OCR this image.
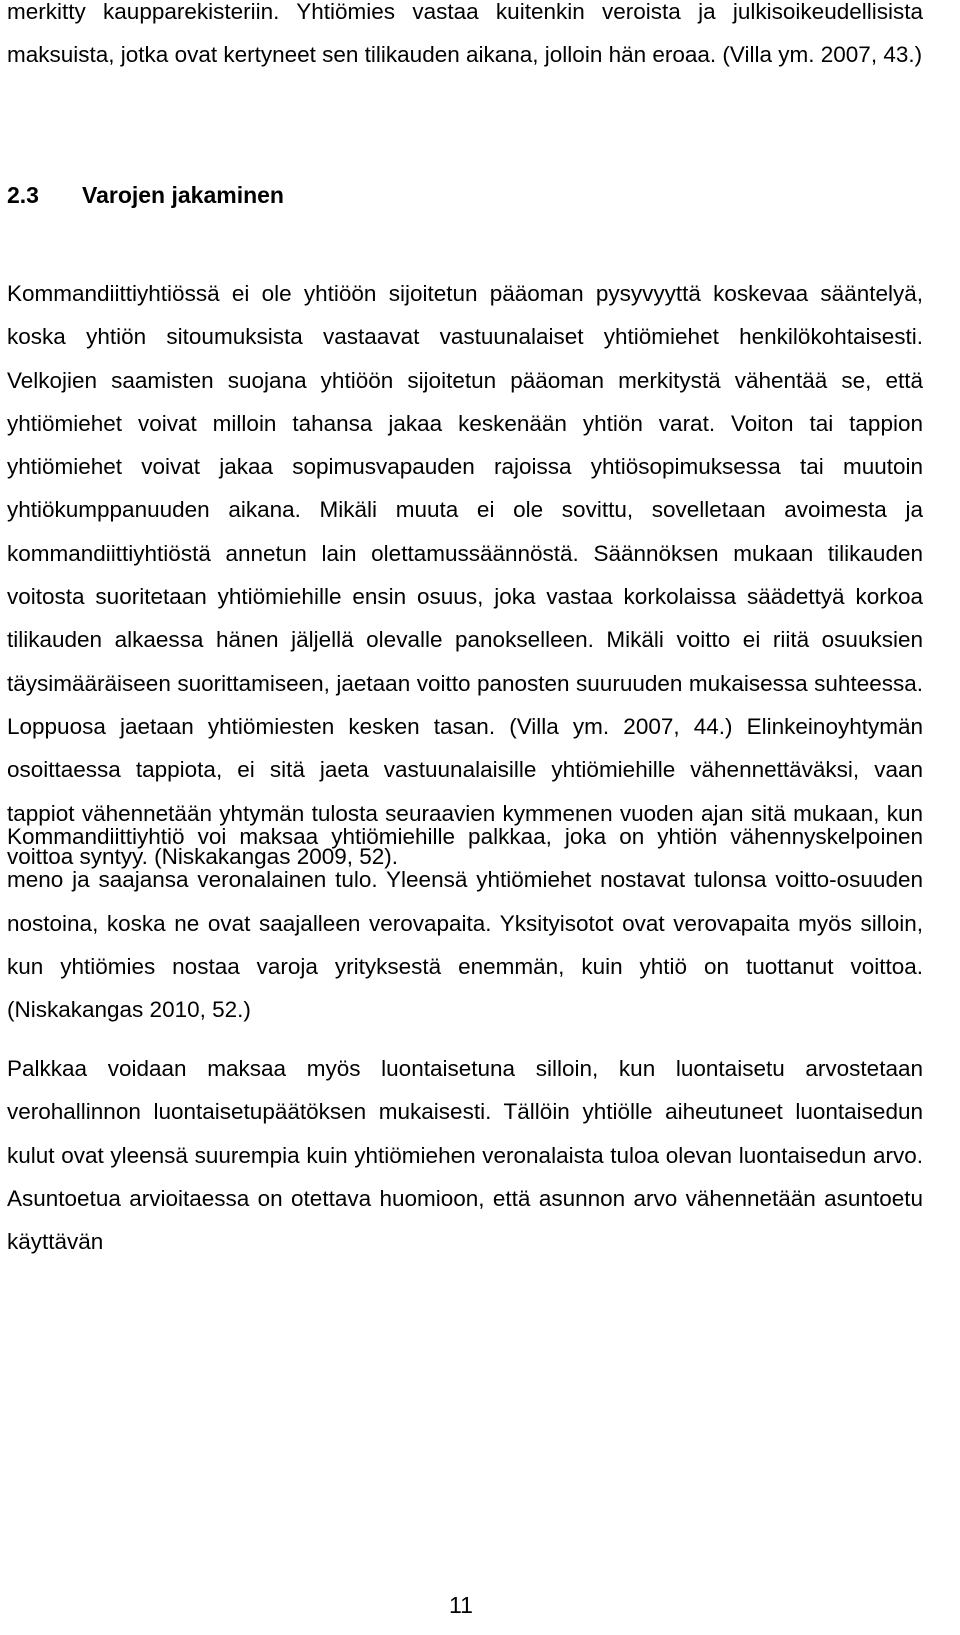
merkitty kaupparekisteriin. Yhtiömies vastaa kuitenkin veroista ja julkisoikeudellisista maksuista, jotka ovat kertyneet sen tilikauden aikana, jolloin hän eroaa. (Villa ym. 2007, 43.)

2.3 Varojen jakaminen

Kommandiittiyhtiössä ei ole yhtiöön sijoitetun pääoman pysyvyyttä koskevaa sääntelyä, koska yhtiön sitoumuksista vastaavat vastuunalaiset yhtiömiehet henkilökohtaisesti. Velkojien saamisten suojana yhtiöön sijoitetun pääoman merkitystä vähentää se, että yhtiömiehet voivat milloin tahansa jakaa keskenään yhtiön varat. Voiton tai tappion yhtiömiehet voivat jakaa sopimusvapauden rajoissa yhtiösopimuksessa tai muutoin yhtiökumppanuuden aikana. Mikäli muuta ei ole sovittu, sovelletaan avoimesta ja kommandiittiyhtiöstä annetun lain olettamussäännöstä. Säännöksen mukaan tilikauden voitosta suoritetaan yhtiömiehille ensin osuus, joka vastaa korkolaissa säädettyä korkoa tilikauden alkaessa hänen jäljellä olevalle panokselleen. Mikäli voitto ei riitä osuuksien täysimääräiseen suorittamiseen, jaetaan voitto panosten suuruuden mukaisessa suhteessa. Loppuosa jaetaan yhtiömiesten kesken tasan. (Villa ym. 2007, 44.) Elinkeinoyhtymän osoittaessa tappiota, ei sitä jaeta vastuunalaisille yhtiömiehille vähennettäväksi, vaan tappiot vähennetään yhtymän tulosta seuraavien kymmenen vuoden ajan sitä mukaan, kun voittoa syntyy. (Niskakangas 2009, 52).

Kommandiittiyhtiö voi maksaa yhtiömiehille palkkaa, joka on yhtiön vähennyskelpoinen meno ja saajansa veronalainen tulo. Yleensä yhtiömiehet nostavat tulonsa voitto-osuuden nostoina, koska ne ovat saajalleen verovapaita. Yksityisotot ovat verovapaita myös silloin, kun yhtiömies nostaa varoja yrityksestä enemmän, kuin yhtiö on tuottanut voittoa. (Niskakangas 2010, 52.)

Palkkaa voidaan maksaa myös luontaisetuna silloin, kun luontaisetu arvostetaan verohallinnon luontaisetupäätöksen mukaisesti. Tällöin yhtiölle aiheutuneet luontaisedun kulut ovat yleensä suurempia kuin yhtiömiehen veronalaista tuloa olevan luontaisedun arvo. Asuntoetua arvioitaessa on otettava huomioon, että asunnon arvo vähennetään asuntoetu käyttävän

11
